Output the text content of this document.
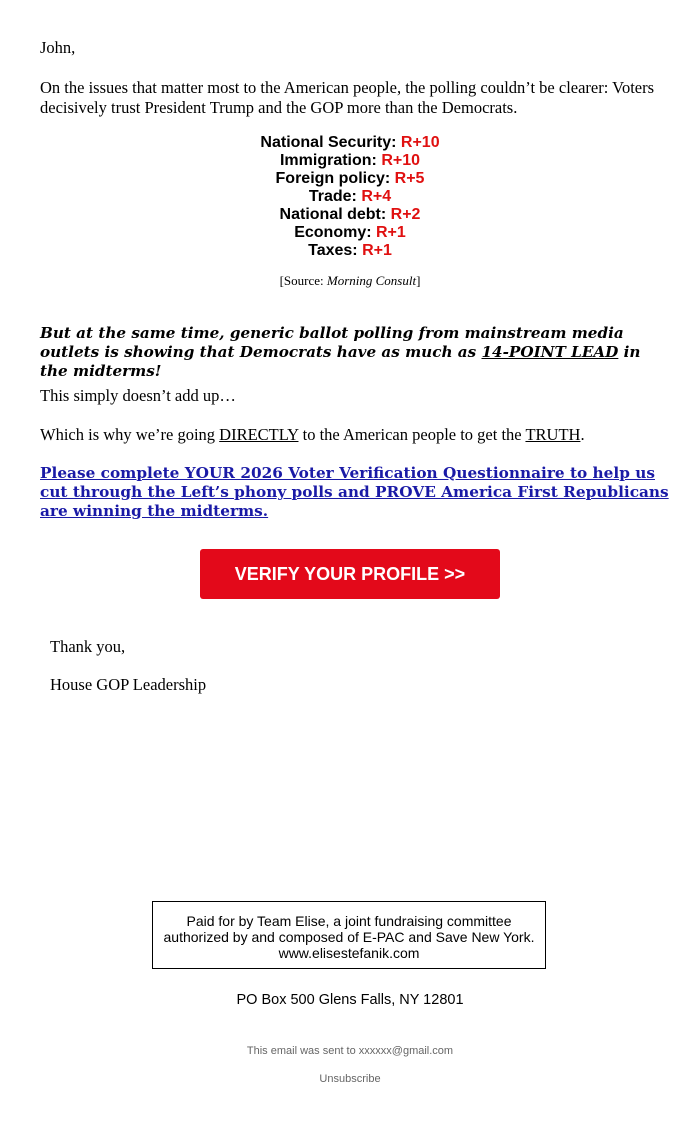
John,

On the issues that matter most to the American people, the polling couldn’t be clearer: Voters decisively trust President Trump and the GOP more than the Democrats.

National Security: R+10

Immigration: R+10

Foreign policy: R+5

Trade: R+4

National debt: R+2

Economy: R+1

Taxes: R+1

[Source: Morning Consult]

But at the same time, generic ballot polling from mainstream media outlets is showing that Democrats have as much as 14-POINT LEAD in the midterms!

This simply doesn’t add up…

Which is why we’re going DIRECTLY to the American people to get the TRUTH.

Please complete YOUR 2026 Voter Verification Questionnaire to help us cut through the Left’s phony polls and PROVE America First Republicans are winning the midterms.
VERIFY YOUR PROFILE >>

Thank you,

House GOP Leadership

Paid for by Team Elise, a joint fundraising committee
authorized by and composed of E-PAC and Save New York.
www.elisestefanik.com
PO Box 500 Glens Falls, NY 12801
This email was sent to xxxxxx@gmail.com
Unsubscribe
